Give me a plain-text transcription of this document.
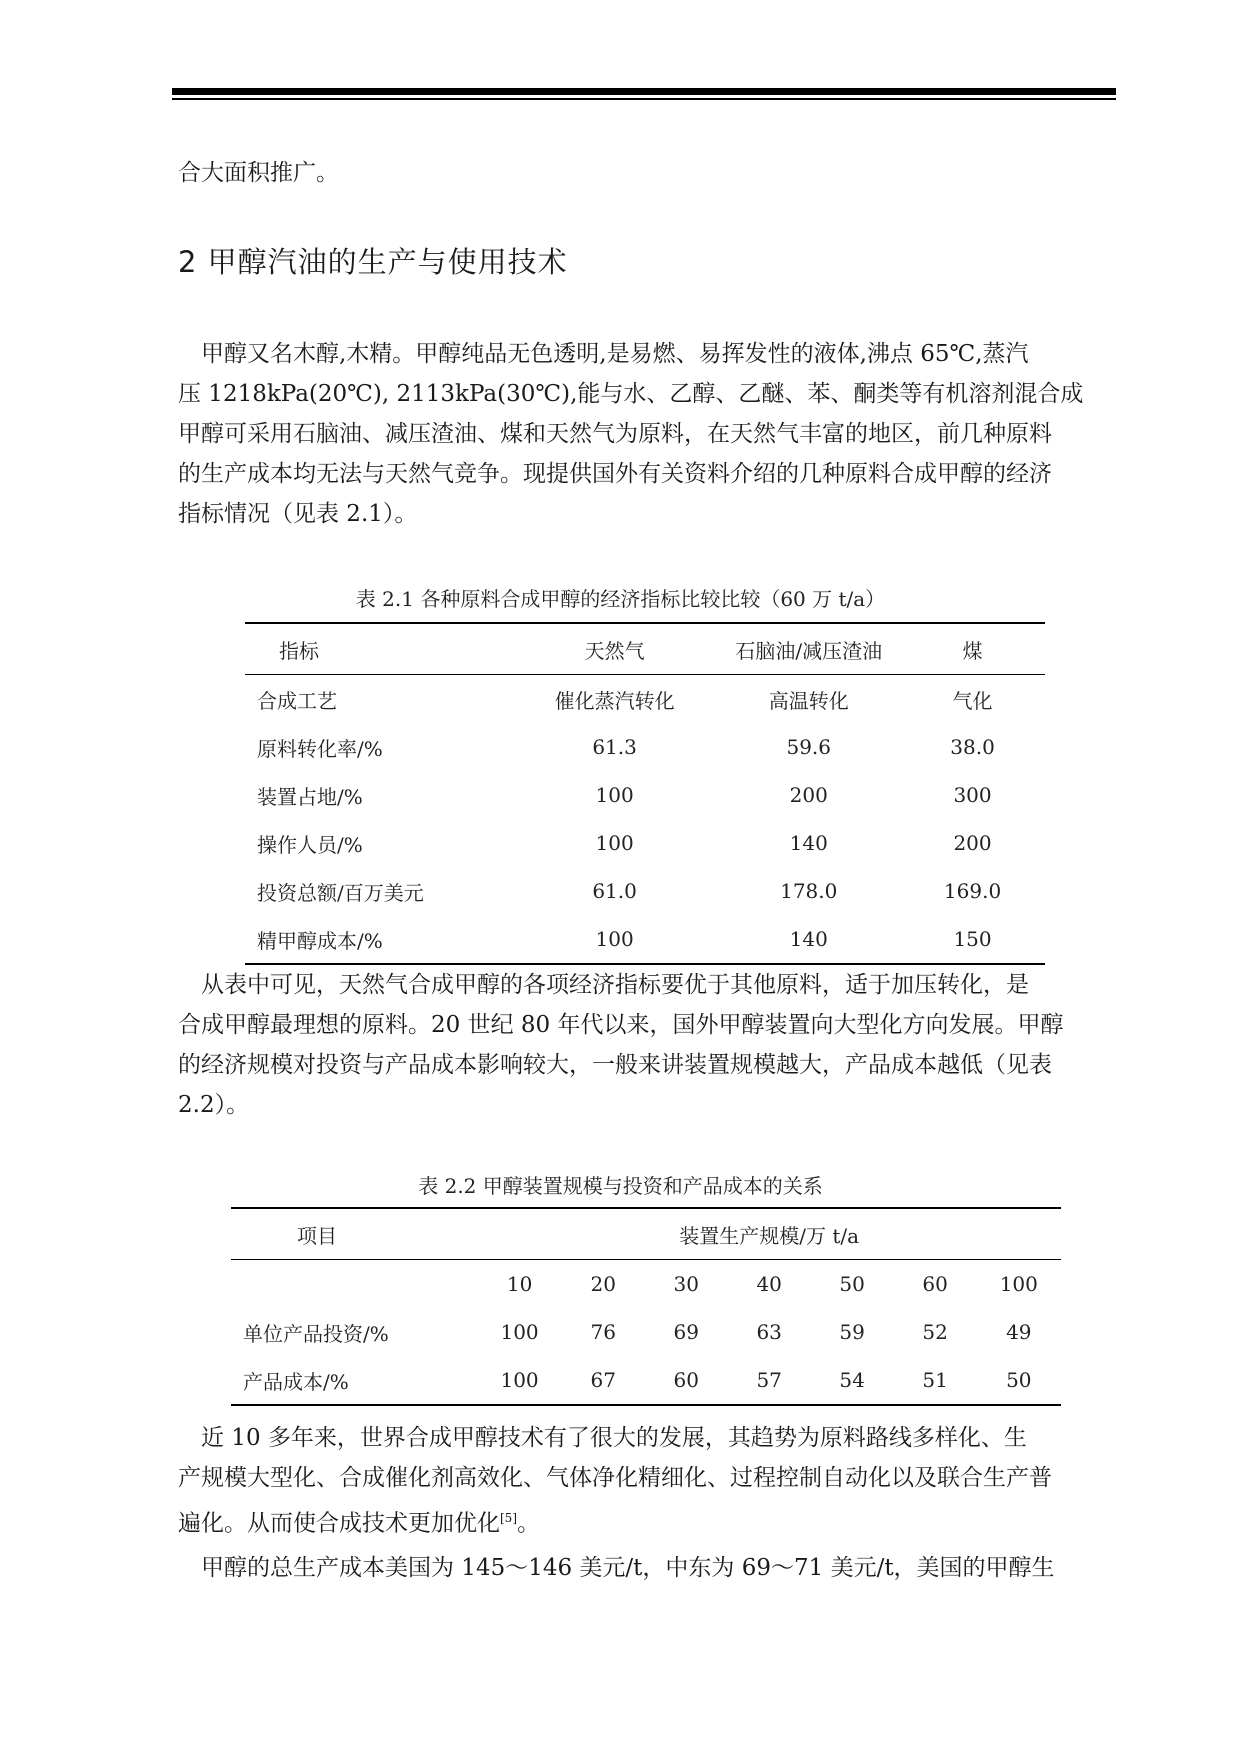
合大面积推广。
2 甲醇汽油的生产与使用技术
　甲醇又名木醇,木精。甲醇纯品无色透明,是易燃、易挥发性的液体,沸点 65℃,蒸汽
压 1218kPa(20℃), 2113kPa(30℃),能与水、乙醇、乙醚、苯、酮类等有机溶剂混合成
甲醇可采用石脑油、减压渣油、煤和天然气为原料，在天然气丰富的地区，前几种原料
的生产成本均无法与天然气竞争。现提供国外有关资料介绍的几种原料合成甲醇的经济
指标情况（见表 2.1）。
表 2.1 各种原料合成甲醇的经济指标比较比较（60 万 t/a）
指标	天然气	石脑油/减压渣油	煤
合成工艺	催化蒸汽转化	高温转化	气化
原料转化率/%	61.3	59.6	38.0
装置占地/%	100	200	300
操作人员/%	100	140	200
投资总额/百万美元	61.0	178.0	169.0
精甲醇成本/%	100	140	150
　从表中可见，天然气合成甲醇的各项经济指标要优于其他原料，适于加压转化，是
合成甲醇最理想的原料。20 世纪 80 年代以来，国外甲醇装置向大型化方向发展。甲醇
的经济规模对投资与产品成本影响较大，一般来讲装置规模越大，产品成本越低（见表
2.2）。
表 2.2 甲醇装置规模与投资和产品成本的关系
项目	装置生产规模/万 t/a						
	10	20	30	40	50	60	100
单位产品投资/%	100	76	69	63	59	52	49
产品成本/%	100	67	60	57	54	51	50
　近 10 多年来，世界合成甲醇技术有了很大的发展，其趋势为原料路线多样化、生
产规模大型化、合成催化剂高效化、气体净化精细化、过程控制自动化以及联合生产普
遍化。从而使合成技术更加优化[5]。
　甲醇的总生产成本美国为 145～146 美元/t，中东为 69～71 美元/t，美国的甲醇生
